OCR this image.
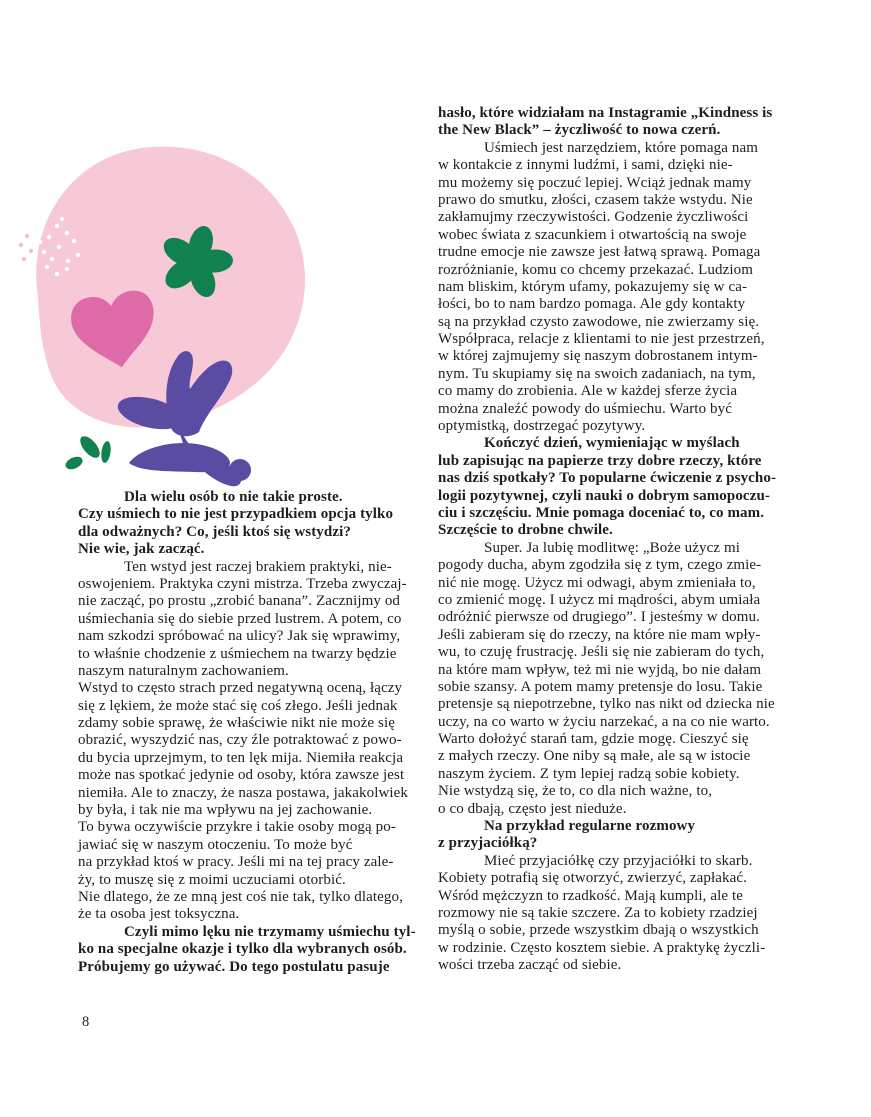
Dla wielu osób to nie takie proste.
Czy uśmiech to nie jest przypadkiem opcja tylko
dla odważnych? Co, jeśli ktoś się wstydzi?
Nie wie, jak zacząć.
Ten wstyd jest raczej brakiem praktyki, nie-
oswojeniem. Praktyka czyni mistrza. Trzeba zwyczaj-
nie zacząć, po prostu „zrobić banana”. Zacznijmy od
uśmiechania się do siebie przed lustrem. A potem, co
nam szkodzi spróbować na ulicy? Jak się wprawimy,
to właśnie chodzenie z uśmiechem na twarzy będzie
naszym naturalnym zachowaniem.
Wstyd to często strach przed negatywną oceną, łączy
się z lękiem, że może stać się coś złego. Jeśli jednak
zdamy sobie sprawę, że właściwie nikt nie może się
obrazić, wyszydzić nas, czy źle potraktować z powo-
du bycia uprzejmym, to ten lęk mija. Niemiła reakcja
może nas spotkać jedynie od osoby, która zawsze jest
niemiła. Ale to znaczy, że nasza postawa, jakakolwiek
by była, i tak nie ma wpływu na jej zachowanie.
To bywa oczywiście przykre i takie osoby mogą po-
jawiać się w naszym otoczeniu. To może być
na przykład ktoś w pracy. Jeśli mi na tej pracy zale-
ży, to muszę się z moimi uczuciami otorbić.
Nie dlatego, że ze mną jest coś nie tak, tylko dlatego,
że ta osoba jest toksyczna.
Czyli mimo lęku nie trzymamy uśmiechu tyl-
ko na specjalne okazje i tylko dla wybranych osób.
Próbujemy go używać. Do tego postulatu pasuje
hasło, które widziałam na Instagramie „Kindness is
the New Black” – życzliwość to nowa czerń.
Uśmiech jest narzędziem, które pomaga nam
w kontakcie z innymi ludźmi, i sami, dzięki nie-
mu możemy się poczuć lepiej. Wciąż jednak mamy
prawo do smutku, złości, czasem także wstydu. Nie
zakłamujmy rzeczywistości. Godzenie życzliwości
wobec świata z szacunkiem i otwartością na swoje
trudne emocje nie zawsze jest łatwą sprawą. Pomaga
rozróżnianie, komu co chcemy przekazać. Ludziom
nam bliskim, którym ufamy, pokazujemy się w ca-
łości, bo to nam bardzo pomaga. Ale gdy kontakty
są na przykład czysto zawodowe, nie zwierzamy się.
Współpraca, relacje z klientami to nie jest przestrzeń,
w której zajmujemy się naszym dobrostanem intym-
nym. Tu skupiamy się na swoich zadaniach, na tym,
co mamy do zrobienia. Ale w każdej sferze życia
można znaleźć powody do uśmiechu. Warto być
optymistką, dostrzegać pozytywy.
Kończyć dzień, wymieniając w myślach
lub zapisując na papierze trzy dobre rzeczy, które
nas dziś spotkały? To popularne ćwiczenie z psycho-
logii pozytywnej, czyli nauki o dobrym samopoczu-
ciu i szczęściu. Mnie pomaga doceniać to, co mam.
Szczęście to drobne chwile.
Super. Ja lubię modlitwę: „Boże użycz mi
pogody ducha, abym zgodziła się z tym, czego zmie-
nić nie mogę. Użycz mi odwagi, abym zmieniała to,
co zmienić mogę. I użycz mi mądrości, abym umiała
odróżnić pierwsze od drugiego”. I jesteśmy w domu.
Jeśli zabieram się do rzeczy, na które nie mam wpły-
wu, to czuję frustrację. Jeśli się nie zabieram do tych,
na które mam wpływ, też mi nie wyjdą, bo nie dałam
sobie szansy. A potem mamy pretensje do losu. Takie
pretensje są niepotrzebne, tylko nas nikt od dziecka nie
uczy, na co warto w życiu narzekać, a na co nie warto.
Warto dołożyć starań tam, gdzie mogę. Cieszyć się
z małych rzeczy. One niby są małe, ale są w istocie
naszym życiem. Z tym lepiej radzą sobie kobiety.
Nie wstydzą się, że to, co dla nich ważne, to,
o co dbają, często jest nieduże.
Na przykład regularne rozmowy
z przyjaciółką?
Mieć przyjaciółkę czy przyjaciółki to skarb.
Kobiety potrafią się otworzyć, zwierzyć, zapłakać.
Wśród mężczyzn to rzadkość. Mają kumpli, ale te
rozmowy nie są takie szczere. Za to kobiety rzadziej
myślą o sobie, przede wszystkim dbają o wszystkich
w rodzinie. Często kosztem siebie. A praktykę życzli-
wości trzeba zacząć od siebie.
8
